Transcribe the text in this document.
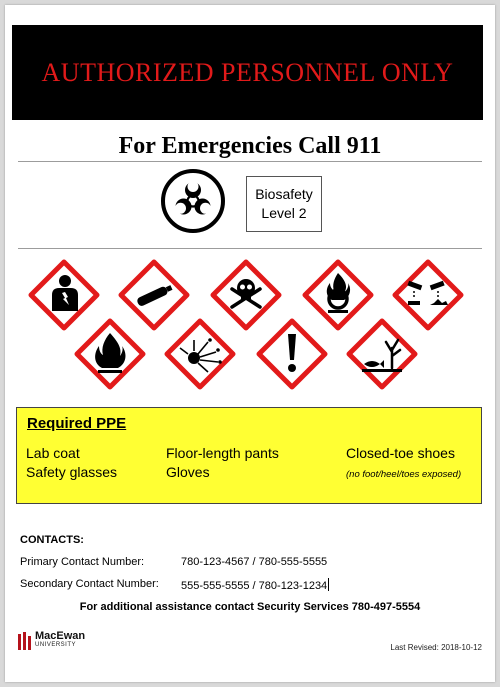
AUTHORIZED PERSONNEL ONLY
For Emergencies Call 911
Biosafety
Level 2
Required PPE
Lab coat	Floor-length pants	Closed-toe shoes
Safety glasses	Gloves	(no foot/heel/toes exposed)
CONTACTS:
Primary Contact Number:	780-123-4567 / 780-555-5555
Secondary Contact Number: 555-555-5555 / 780-123-1234
For additional assistance contact Security Services 780-497-5554
MacEwan
UNIVERSITY	Last Revised: 2018-10-12
